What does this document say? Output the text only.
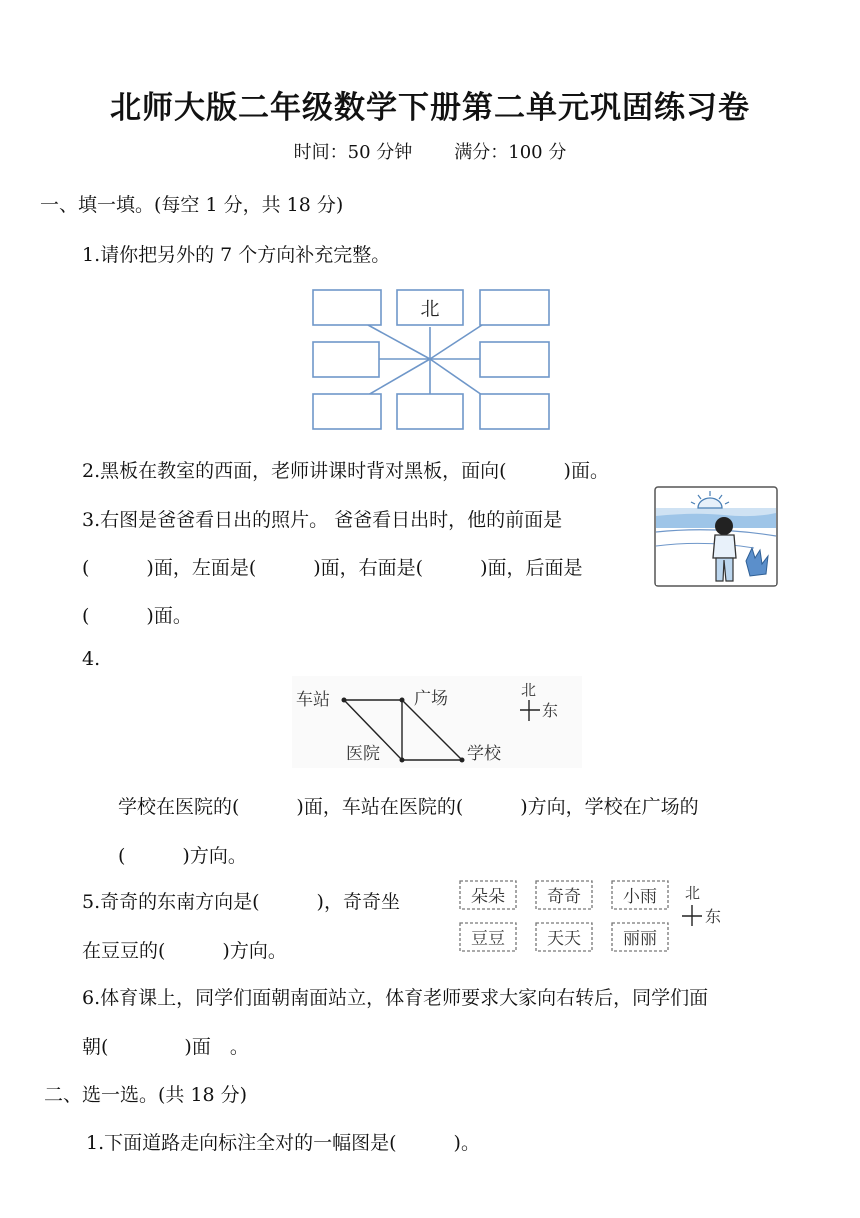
北师大版二年级数学下册第二单元巩固练习卷
时间：50 分钟 满分：100 分
一、填一填。(每空 1 分，共 18 分)
1.请你把另外的 7 个方向补充完整。
北
2.黑板在教室的西面，老师讲课时背对黑板，面向(　　　)面。
3.右图是爸爸看日出的照片。 爸爸看日出时，他的前面是
(　　　)面，左面是(　　　)面，右面是(　　　)面，后面是
(　　　)面。
4.
车站	广场
医院	学校
北
东
学校在医院的(　　　)面，车站在医院的(　　　)方向，学校在广场的
(　　　)方向。
5.奇奇的东南方向是(　　　)，奇奇坐
在豆豆的(　　　)方向。
朵朵 奇奇 小雨
豆豆 天天 丽丽
北
东
6.体育课上，同学们面朝南面站立，体育老师要求大家向右转后，同学们面
朝(　　　　)面　。
二、选一选。(共 18 分)
1.下面道路走向标注全对的一幅图是(　　　)。
